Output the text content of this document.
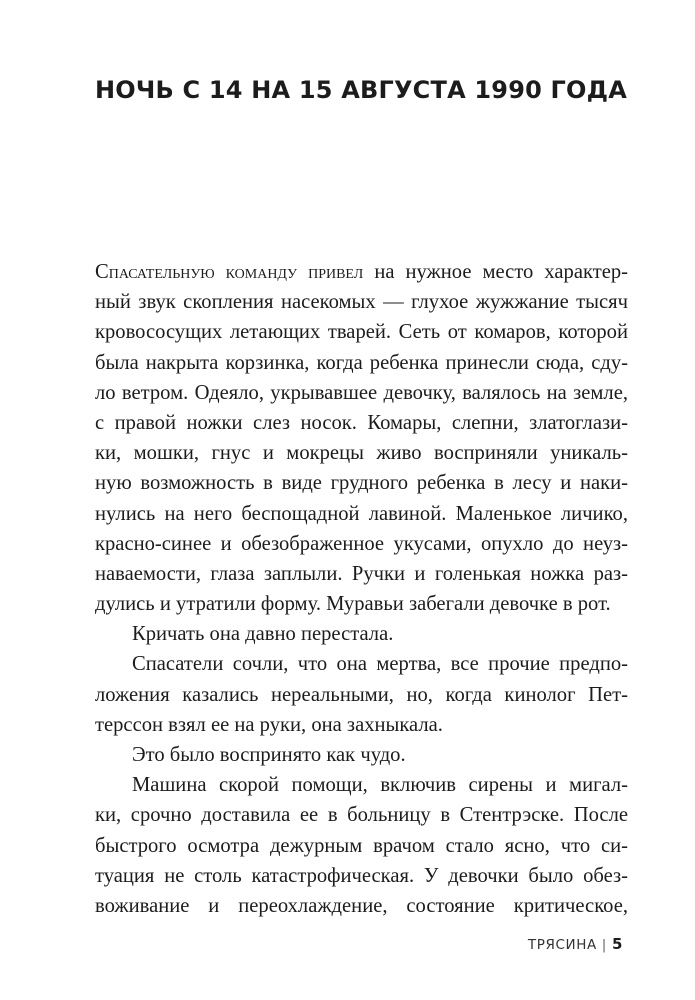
НОЧЬ С 14 НА 15 АВГУСТА 1990 ГОДА
Спасательную команду привел на нужное место характер-
ный звук скопления насекомых — глухое жужжание тысяч
кровососущих летающих тварей. Сеть от комаров, которой
была накрыта корзинка, когда ребенка принесли сюда, сду-
ло ветром. Одеяло, укрывавшее девочку, валялось на земле,
с правой ножки слез носок. Комары, слепни, златоглази-
ки, мошки, гнус и мокрецы живо восприняли уникаль-
ную возможность в виде грудного ребенка в лесу и наки-
нулись на него беспощадной лавиной. Маленькое личико,
красно-синее и обезображенное укусами, опухло до неуз-
наваемости, глаза заплыли. Ручки и голенькая ножка раз-
дулись и утратили форму. Муравьи забегали девочке в рот.
Кричать она давно перестала.
Спасатели сочли, что она мертва, все прочие предпо-
ложения казались нереальными, но, когда кинолог Пет-
терссон взял ее на руки, она захныкала.
Это было воспринято как чудо.
Машина скорой помощи, включив сирены и мигал-
ки, срочно доставила ее в больницу в Стентрэске. После
быстрого осмотра дежурным врачом стало ясно, что си-
туация не столь катастрофическая. У девочки было обез-
воживание и переохлаждение, состояние критическое,
ТРЯСИНА | 5
